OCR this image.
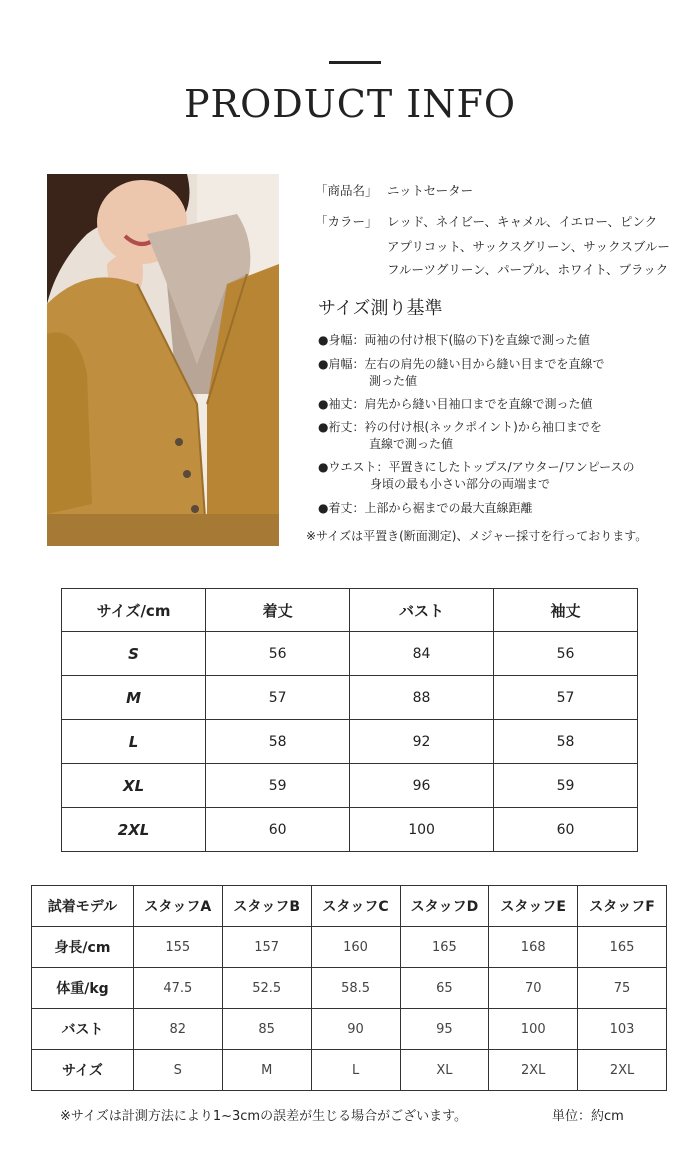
PRODUCT INFO
「商品名」 ニットセーター
「カラー」 レッド、ネイビー、キャメル、イエロー、ピンク
アプリコット、サックスグリーン、サックスブルー
フルーツグリーン、パープル、ホワイト、ブラック
サイズ測り基準
●身幅：両袖の付け根下(脇の下)を直線で測った値
●肩幅：左右の肩先の縫い目から縫い目までを直線で
測った値
●袖丈：肩先から縫い目袖口までを直線で測った値
●裄丈：衿の付け根(ネックポイント)から袖口までを
直線で測った値
●ウエスト：平置きにしたトップス/アウター/ワンピースの
身頃の最も小さい部分の両端まで
●着丈：上部から裾までの最大直線距離
※サイズは平置き(断面測定)、メジャー採寸を行っております。
サイズ/cm	着丈	バスト	袖丈
S	56	84	56
M	57	88	57
L	58	92	58
XL	59	96	59
2XL	60	100	60
試着モデル	スタッフA	スタッフB	スタッフC	スタッフD	スタッフE	スタッフF
身長/cm	155	157	160	165	168	165
体重/kg	47.5	52.5	58.5	65	70	75
バスト	82	85	90	95	100	103
サイズ	S	M	L	XL	2XL	2XL
※サイズは計測方法により1~3cmの誤差が生じる場合がございます。	単位：約cm
